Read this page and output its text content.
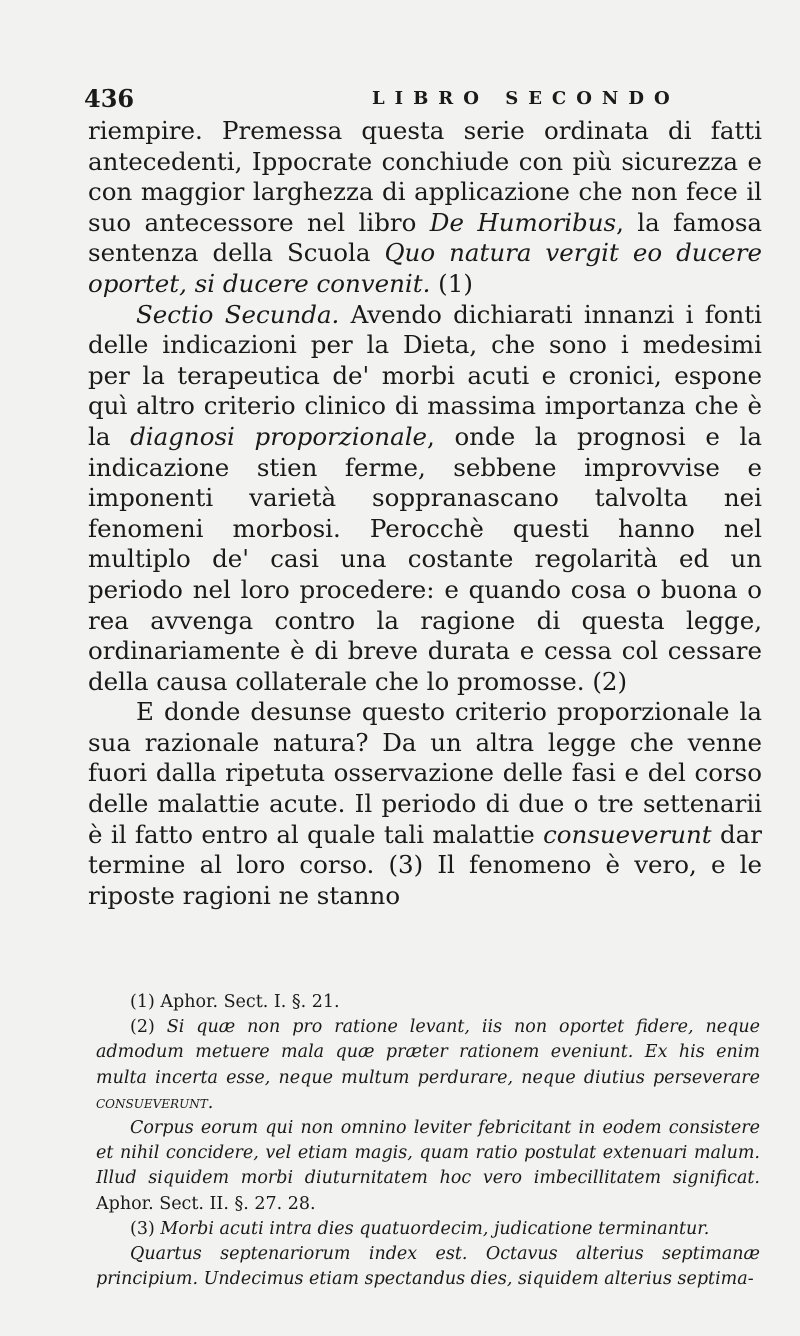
436	LIBRO SECONDO

riempire. Premessa questa serie ordinata di fatti antecedenti, Ippocrate conchiude con più sicurezza e con maggior larghezza di applicazione che non fece il suo antecessore nel libro De Humoribus, la famosa sentenza della Scuola Quo natura vergit eo ducere oportet, si ducere convenit. (1)

Sectio Secunda. Avendo dichiarati innanzi i fonti delle indicazioni per la Dieta, che sono i medesimi per la terapeutica de' morbi acuti e cronici, espone quì altro criterio clinico di massima importanza che è la diagnosi proporzionale, onde la prognosi e la indicazione stien ferme, sebbene improvvise e imponenti varietà soppranascano talvolta nei fenomeni morbosi. Perocchè questi hanno nel multiplo de' casi una costante regolarità ed un periodo nel loro procedere: e quando cosa o buona o rea avvenga contro la ragione di questa legge, ordinariamente è di breve durata e cessa col cessare della causa collaterale che lo promosse. (2)

E donde desunse questo criterio proporzionale la sua razionale natura? Da un altra legge che venne fuori dalla ripetuta osservazione delle fasi e del corso delle malattie acute. Il periodo di due o tre settenarii è il fatto entro al quale tali malattie consueverunt dar termine al loro corso. (3) Il fenomeno è vero, e le riposte ragioni ne stanno

(1) Aphor. Sect. I. §. 21.

(2) Si quæ non pro ratione levant, iis non oportet fidere, neque admodum metuere mala quæ præter rationem eveniunt. Ex his enim multa incerta esse, neque multum perdurare, neque diutius perseverare consueverunt.

Corpus eorum qui non omnino leviter febricitant in eodem consistere et nihil concidere, vel etiam magis, quam ratio postulat extenuari malum. Illud siquidem morbi diuturnitatem hoc vero imbecillitatem significat. Aphor. Sect. II. §. 27. 28.

(3) Morbi acuti intra dies quatuordecim, judicatione terminantur.

Quartus septenariorum index est. Octavus alterius septimanæ principium. Undecimus etiam spectandus dies, siquidem alterius septima-
